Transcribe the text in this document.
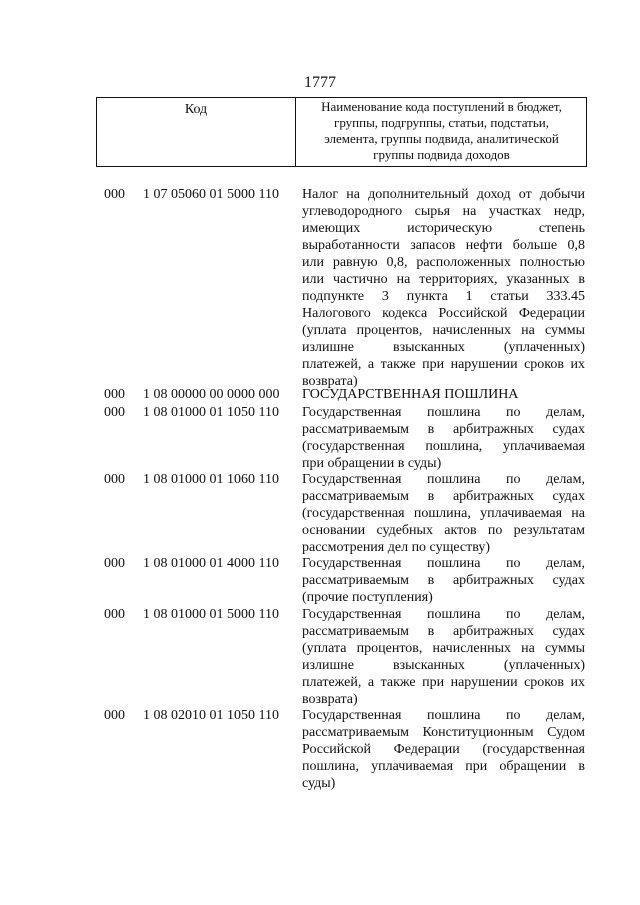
1777
Код	Наименование кода поступлений в бюджет,
группы, подгруппы, статьи, подстатьи,
элемента, группы подвида, аналитической
группы подвида доходов
000 1 07 05060 01 5000 110 Налог на дополнительный доход от добычи
углеводородного сырья на участках недр,
имеющих историческую степень
выработанности запасов нефти больше 0,8
или равную 0,8, расположенных полностью
или частично на территориях, указанных в
подпункте 3 пункта 1 статьи 333.45
Налогового кодекса Российской Федерации
(уплата процентов, начисленных на суммы
излишне взысканных (уплаченных)
платежей, а также при нарушении сроков их
возврата)
000 1 08 00000 00 0000 000 ГОСУДАРСТВЕННАЯ ПОШЛИНА
000 1 08 01000 01 1050 110 Государственная пошлина по делам,
рассматриваемым в арбитражных судах
(государственная пошлина, уплачиваемая
при обращении в суды)
000 1 08 01000 01 1060 110 Государственная пошлина по делам,
рассматриваемым в арбитражных судах
(государственная пошлина, уплачиваемая на
основании судебных актов по результатам
рассмотрения дел по существу)
000 1 08 01000 01 4000 110 Государственная пошлина по делам,
рассматриваемым в арбитражных судах
(прочие поступления)
000 1 08 01000 01 5000 110 Государственная пошлина по делам,
рассматриваемым в арбитражных судах
(уплата процентов, начисленных на суммы
излишне взысканных (уплаченных)
платежей, а также при нарушении сроков их
возврата)
000 1 08 02010 01 1050 110 Государственная пошлина по делам,
рассматриваемым Конституционным Судом
Российской Федерации (государственная
пошлина, уплачиваемая при обращении в
суды)
